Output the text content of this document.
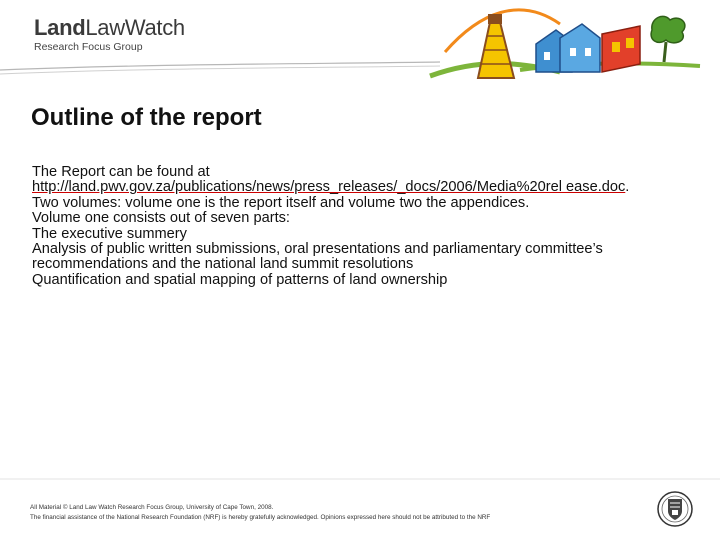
LandLawWatch
Research Focus Group
Outline of the report

The Report can be found at

http://land.pwv.gov.za/publications/news/press_releases/_docs/2006/Media%20rel ease.doc.

Two volumes: volume one is the report itself and volume two the appendices.

Volume one consists out of seven parts:

The executive summery

Analysis of public written submissions, oral presentations and parliamentary committee’s recommendations and the national land summit resolutions

Quantification and spatial mapping of patterns of land ownership

All Material © Land Law Watch Research Focus Group, University of Cape Town, 2008.
The financial assistance of the National Research Foundation (NRF) is hereby gratefully acknowledged. Opinions expressed here should not be attributed to the NRF
